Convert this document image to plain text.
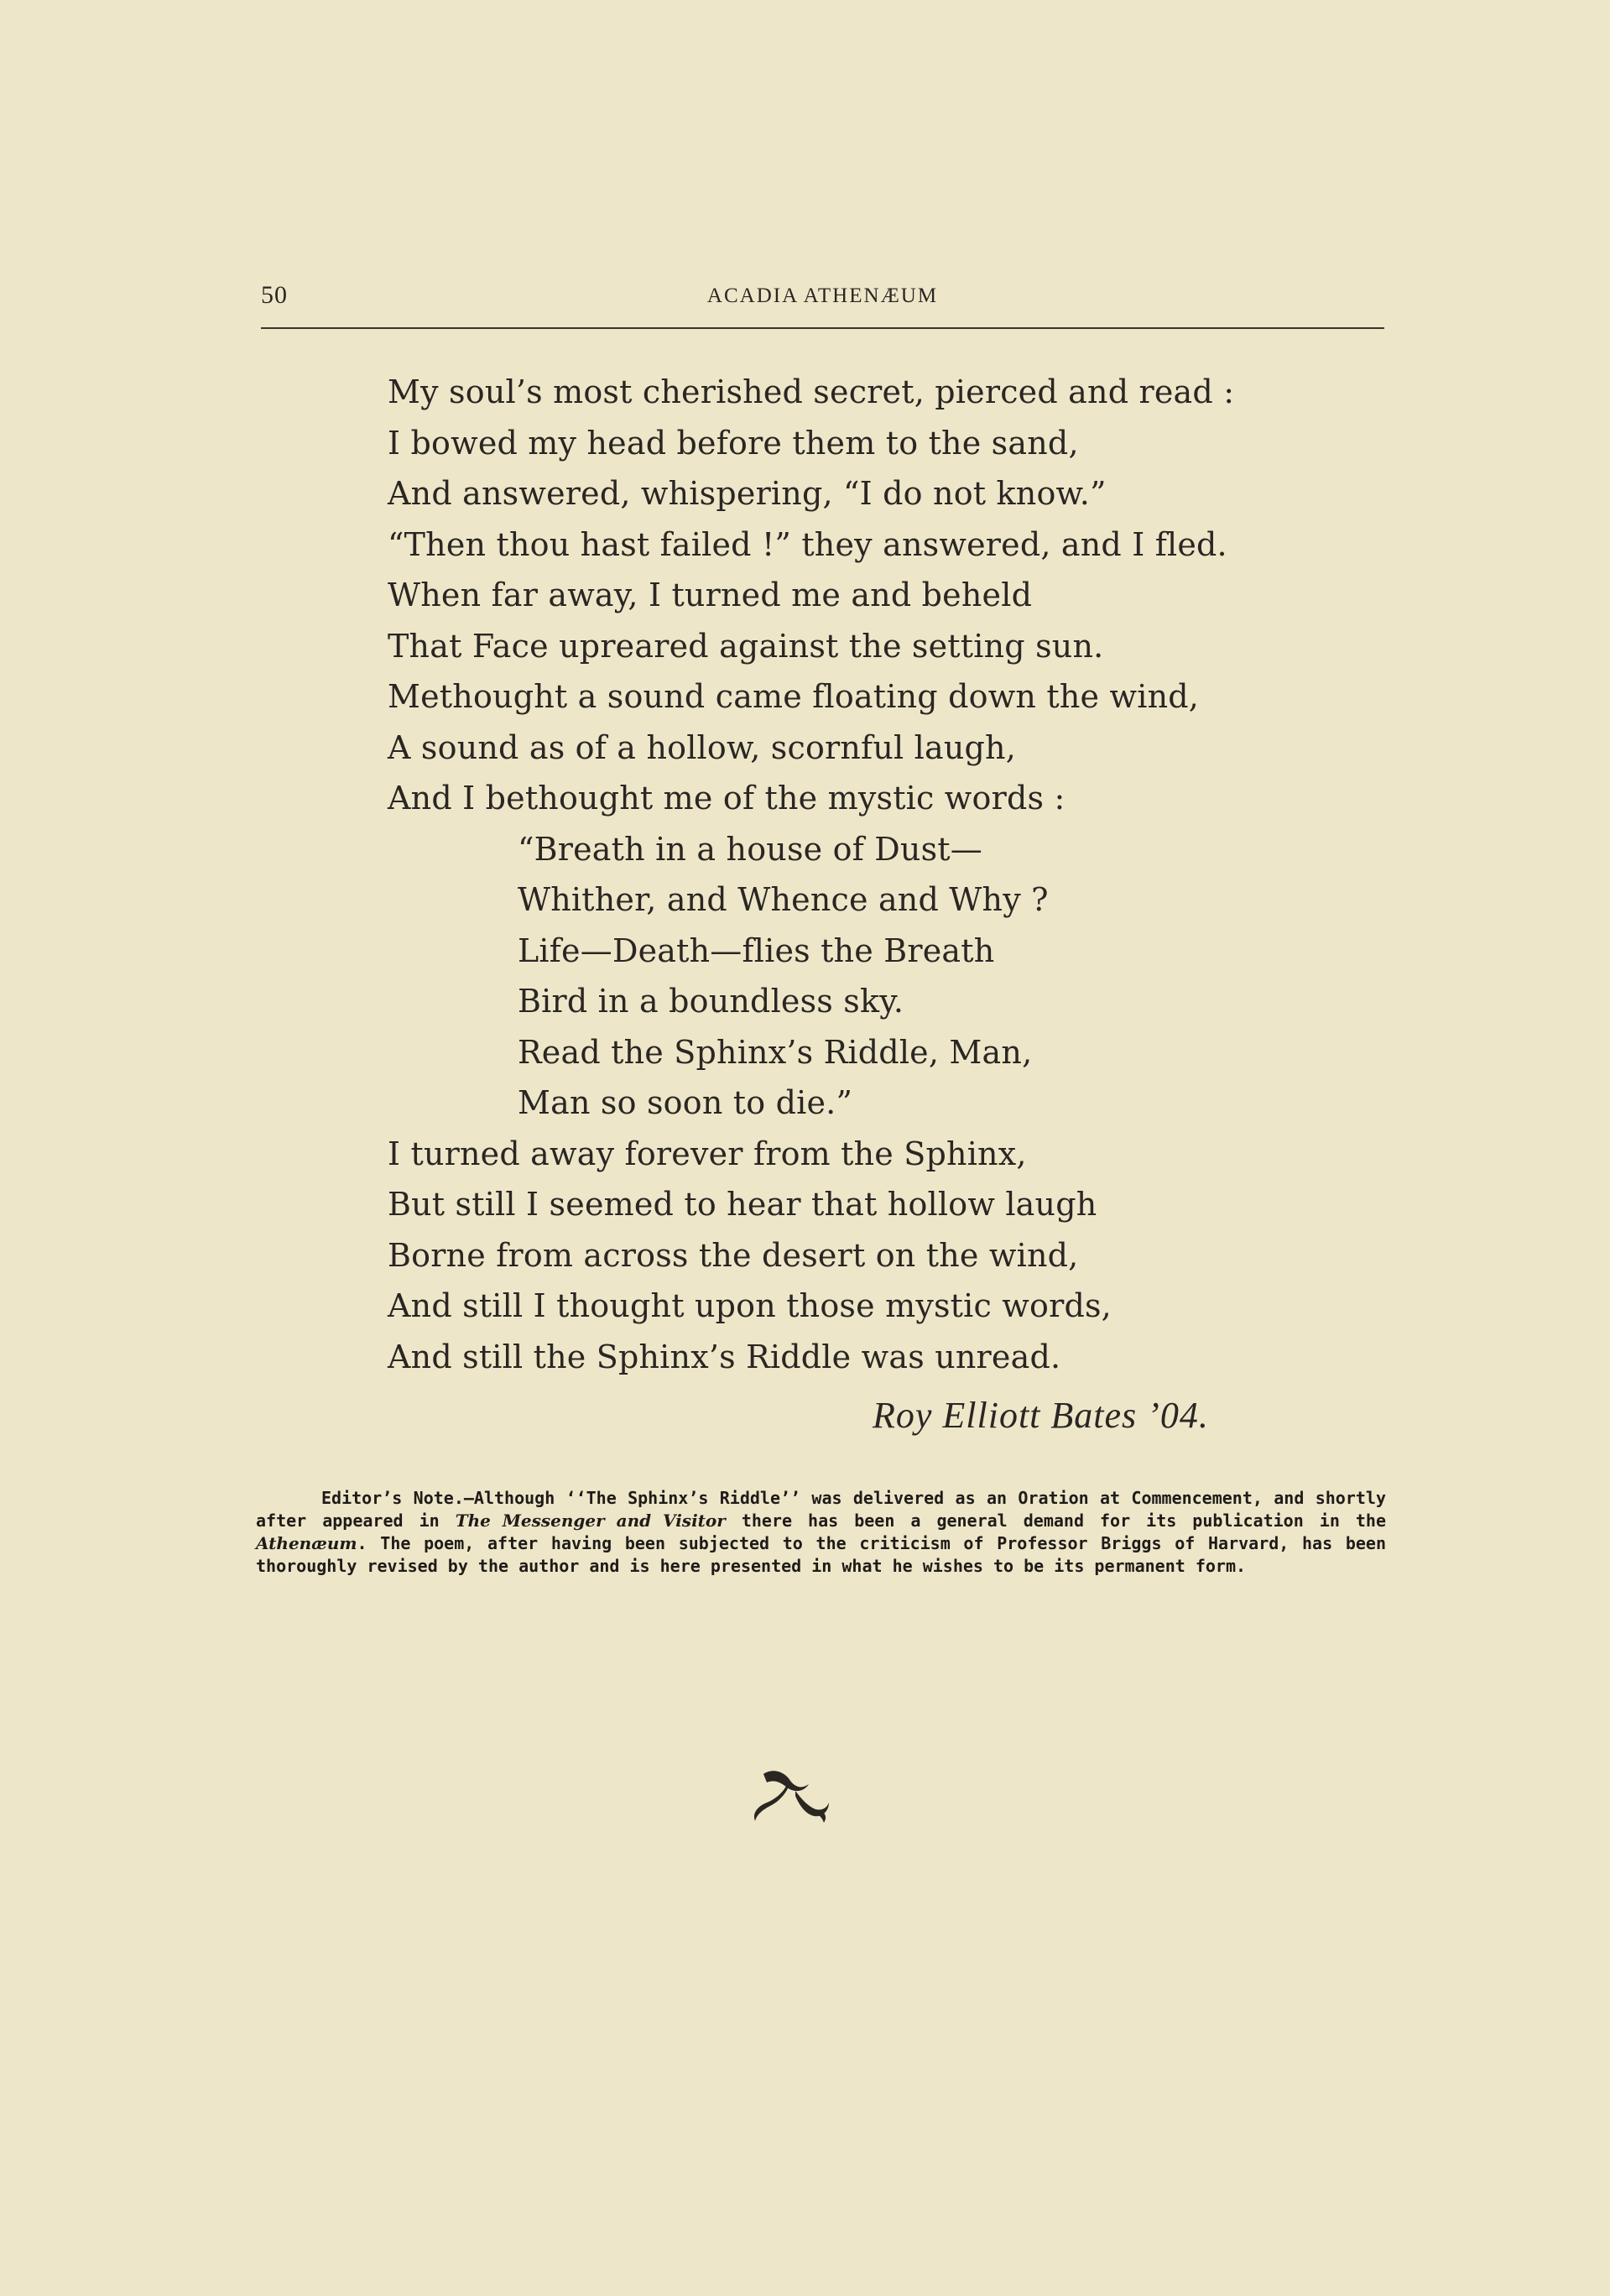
50	ACADIA ATHENÆUM
My soul’s most cherished secret, pierced and read :
I bowed my head before them to the sand,
And answered, whispering, “I do not know.”
“Then thou hast failed !” they answered, and I fled.
When far away, I turned me and beheld
That Face upreared against the setting sun.
Methought a sound came floating down the wind,
A sound as of a hollow, scornful laugh,
And I bethought me of the mystic words :
“Breath in a house of Dust—
Whither, and Whence and Why ?
Life—Death—flies the Breath
Bird in a boundless sky.
Read the Sphinx’s Riddle, Man,
Man so soon to die.”
I turned away forever from the Sphinx,
But still I seemed to hear that hollow laugh
Borne from across the desert on the wind,
And still I thought upon those mystic words,
And still the Sphinx’s Riddle was unread.
Roy Elliott Bates ’04.
Editor’s Note.—Although ‘‘The Sphinx’s Riddle’’ was delivered as an Oration at Commencement, and shortly after appeared in The Messenger and Visitor there has been a general demand for its publication in the Athenæum. The poem, after having been subjected to the criticism of Professor Briggs of Harvard, has been thoroughly revised by the author and is here presented in what he wishes to be its permanent form.
